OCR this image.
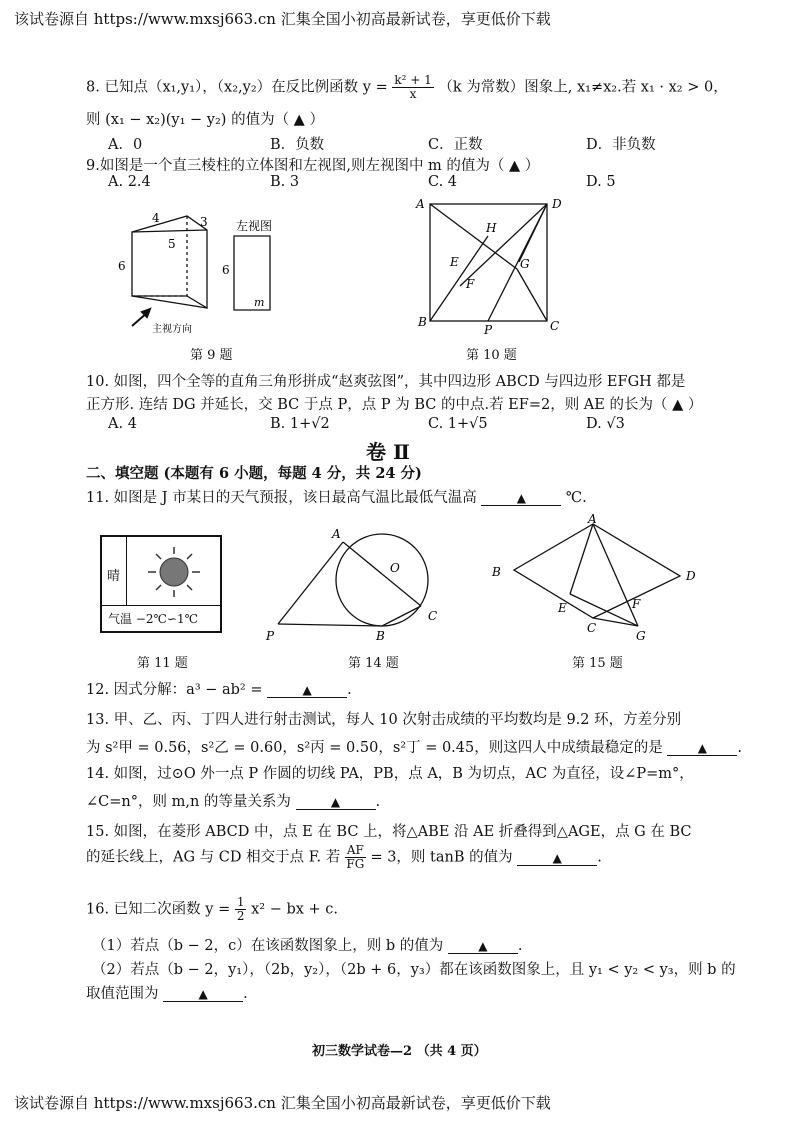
该试卷源自 https://www.mxsj663.cn 汇集全国小初高最新试卷，享更低价下载
8. 已知点（x₁,y₁），（x₂,y₂）在反比例函数 $y = \frac{\text{k² + 1}}{x} (k$ 为常数）图象上, x₁≠x₂.若 x₁ · x₂ > 0，
则 (x₁ − x₂)(y₁ − y₂) 的值为（ ▲ ）
A．0	B．负数	C．正数	D．非负数
9.如图是一个直三棱柱的立体图和左视图,则左视图中 m 的值为（ ▲ ）
A. 2.4	B. 3	C. 4	D. 5
4	3
5
6	6
左视图
m
主视方向
第 9 题
A	D
H
E	G
F
B
P	C
第 10 题
10. 如图，四个全等的直角三角形拼成“赵爽弦图”，其中四边形 ABCD 与四边形 EFGH 都是
正方形. 连结 DG 并延长，交 BC 于点 P，点 P 为 BC 的中点.若 EF=2，则 AE 的长为（ ▲ ）
A. 4	B. 1+√2	C. 1+√5	D. √3
卷 Ⅱ
二、填空题 (本题有 6 小题，每题 4 分，共 24 分)
11. 如图是 J 市某日的天气预报，该日最高气温比最低气温高	▲	℃.
晴
气温 −2℃∽1℃
第 11 题
A
O
P	B
C
第 14 题
A
B	D
E	F
C
G
第 15 题
12. 因式分解：a³ − ab² =	▲ .
13. 甲、乙、丙、丁四人进行射击测试，每人 10 次射击成绩的平均数均是 9.2 环，方差分别
为 s²甲 = 0.56，s²乙 = 0.60，s²丙 = 0.50，s²丁 = 0.45，则这四人中成绩最稳定的是	▲ .
14. 如图，过⊙O 外一点 P 作圆的切线 PA，PB，点 A，B 为切点，AC 为直径，设∠P=m°，
∠C=n°，则 m,n 的等量关系为	▲ .
15. 如图，在菱形 ABCD 中，点 E 在 BC 上，将△ABE 沿 AE 折叠得到△AGE，点 G 在 BC
的延长线上，AG 与 CD 相交于点 F. 若 $\frac{AF}{FG} = 3$，则 tanB 的值为	▲ .
16. 已知二次函数 $y = \frac{1}{2} x^2$ − bx + c.
（1）若点（b − 2，c）在该函数图象上，则 b 的值为	▲ .
（2）若点（b − 2，y₁），（2b，y₂），（2b + 6，y₃）都在该函数图象上，且 y₁ < y₂ < y₃，则 b 的
取值范围为	▲ .
初三数学试卷—2 （共 4 页）
该试卷源自 https://www.mxsj663.cn 汇集全国小初高最新试卷，享更低价下载
